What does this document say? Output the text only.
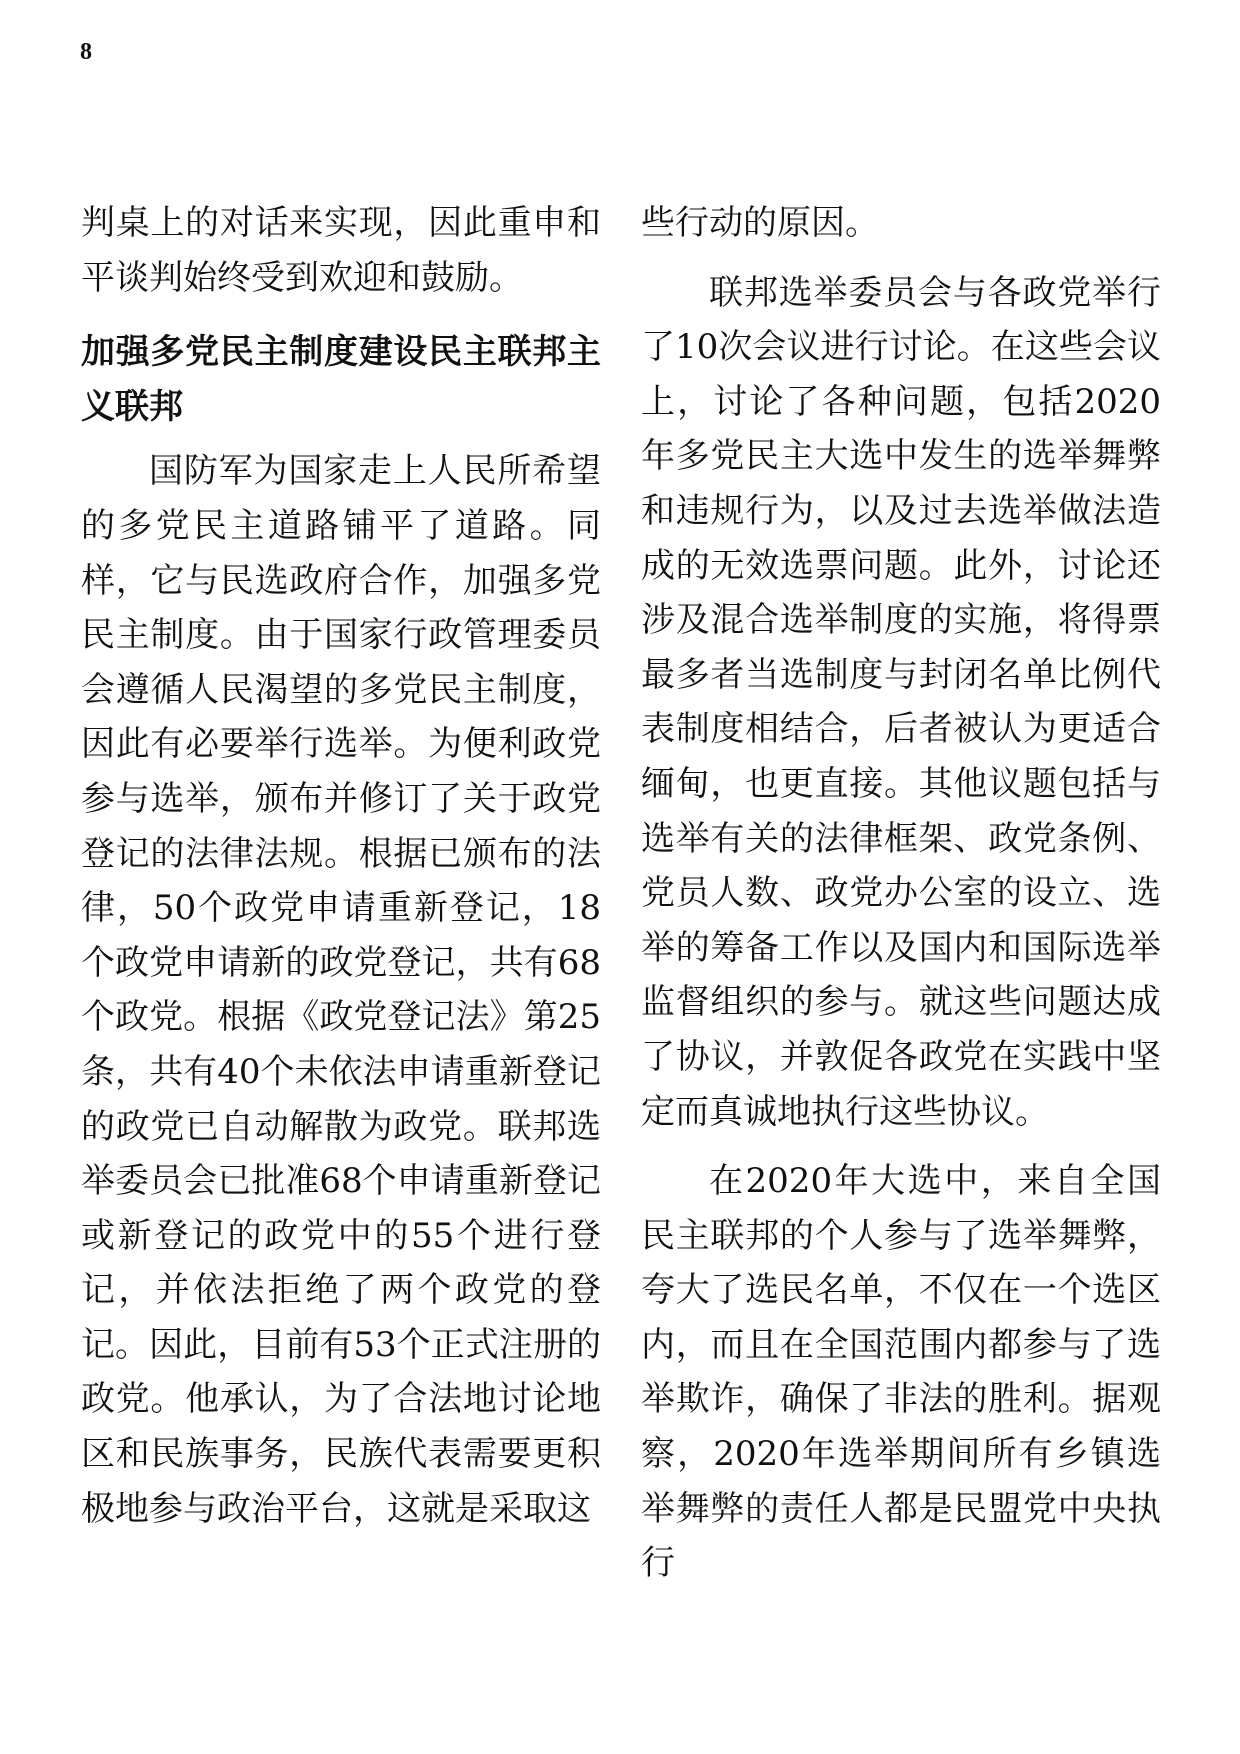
8

判桌上的对话来实现，因此重申和平谈判始终受到欢迎和鼓励。

加强多党民主制度建设民主联邦主义联邦

国防军为国家走上人民所希望的多党民主道路铺平了道路。同样，它与民选政府合作，加强多党民主制度。由于国家行政管理委员会遵循人民渴望的多党民主制度，因此有必要举行选举。为便利政党参与选举，颁布并修订了关于政党登记的法律法规。根据已颁布的法律，50个政党申请重新登记，18个政党申请新的政党登记，共有68个政党。根据《政党登记法》第25条，共有40个未依法申请重新登记的政党已自动解散为政党。联邦选举委员会已批准68个申请重新登记或新登记的政党中的55个进行登记，并依法拒绝了两个政党的登记。因此，目前有53个正式注册的政党。他承认，为了合法地讨论地区和民族事务，民族代表需要更积极地参与政治平台，这就是采取这

些行动的原因。

联邦选举委员会与各政党举行了10次会议进行讨论。在这些会议上，讨论了各种问题，包括2020年多党民主大选中发生的选举舞弊和违规行为，以及过去选举做法造成的无效选票问题。此外，讨论还涉及混合选举制度的实施，将得票最多者当选制度与封闭名单比例代表制度相结合，后者被认为更适合缅甸，也更直接。其他议题包括与选举有关的法律框架、政党条例、党员人数、政党办公室的设立、选举的筹备工作以及国内和国际选举监督组织的参与。就这些问题达成了协议，并敦促各政党在实践中坚定而真诚地执行这些协议。

在2020年大选中，来自全国民主联邦的个人参与了选举舞弊，夸大了选民名单，不仅在一个选区内，而且在全国范围内都参与了选举欺诈，确保了非法的胜利。据观察，2020年选举期间所有乡镇选举舞弊的责任人都是民盟党中央执行
